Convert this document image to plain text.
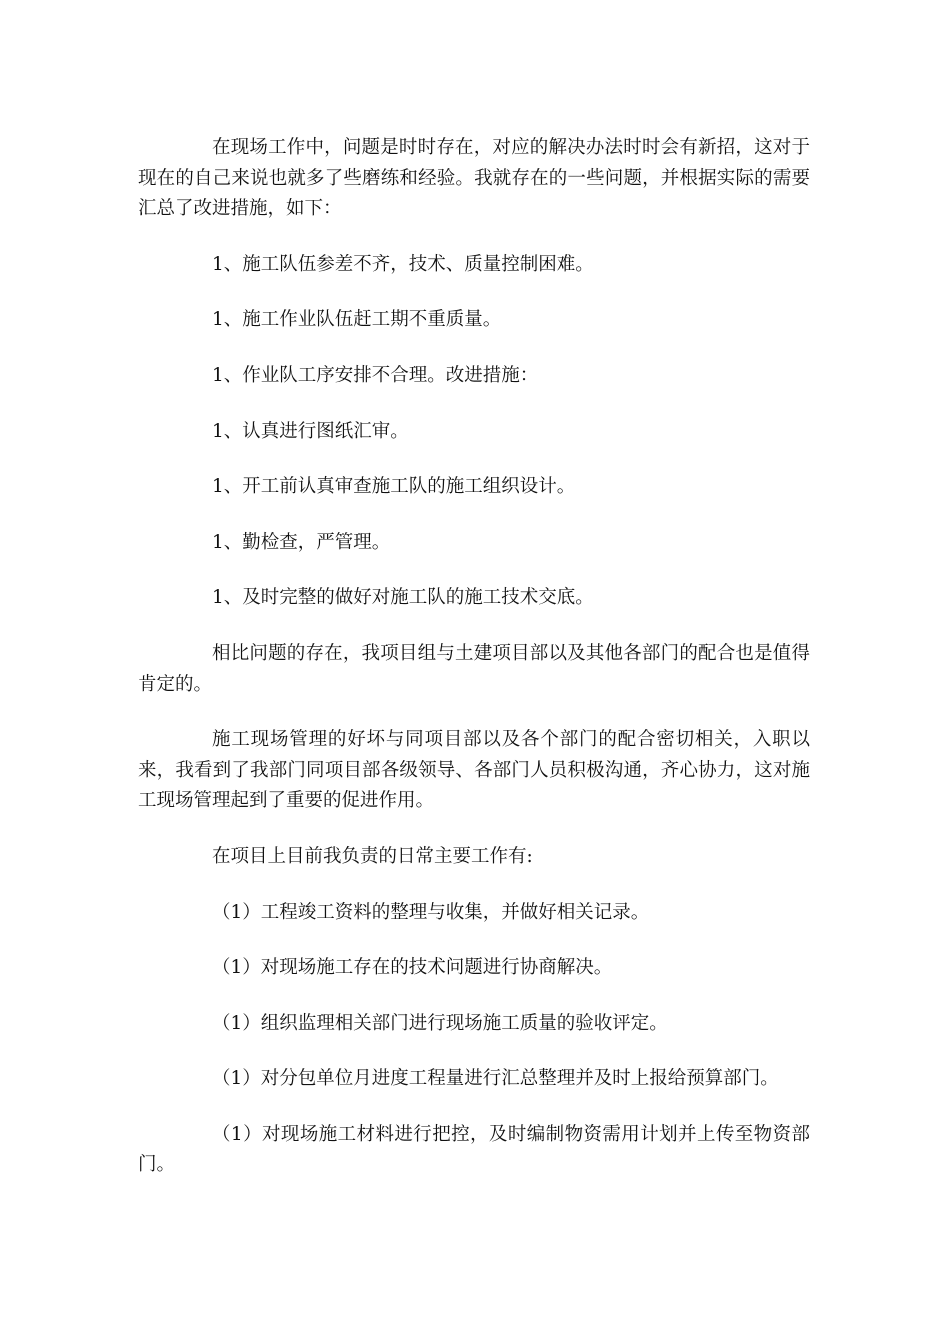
在现场工作中，问题是时时存在，对应的解决办法时时会有新招，这对于现在的自己来说也就多了些磨练和经验。我就存在的一些问题，并根据实际的需要汇总了改进措施，如下：

1、施工队伍参差不齐，技术、质量控制困难。

1、施工作业队伍赶工期不重质量。

1、作业队工序安排不合理。改进措施：

1、认真进行图纸汇审。

1、开工前认真审查施工队的施工组织设计。

1、勤检查，严管理。

1、及时完整的做好对施工队的施工技术交底。

相比问题的存在，我项目组与土建项目部以及其他各部门的配合也是值得肯定的。

施工现场管理的好坏与同项目部以及各个部门的配合密切相关，入职以来，我看到了我部门同项目部各级领导、各部门人员积极沟通，齐心协力，这对施工现场管理起到了重要的促进作用。

在项目上目前我负责的日常主要工作有:

（1）工程竣工资料的整理与收集，并做好相关记录。

（1）对现场施工存在的技术问题进行协商解决。

（1）组织监理相关部门进行现场施工质量的验收评定。

（1）对分包单位月进度工程量进行汇总整理并及时上报给预算部门。

（1）对现场施工材料进行把控，及时编制物资需用计划并上传至物资部门。
